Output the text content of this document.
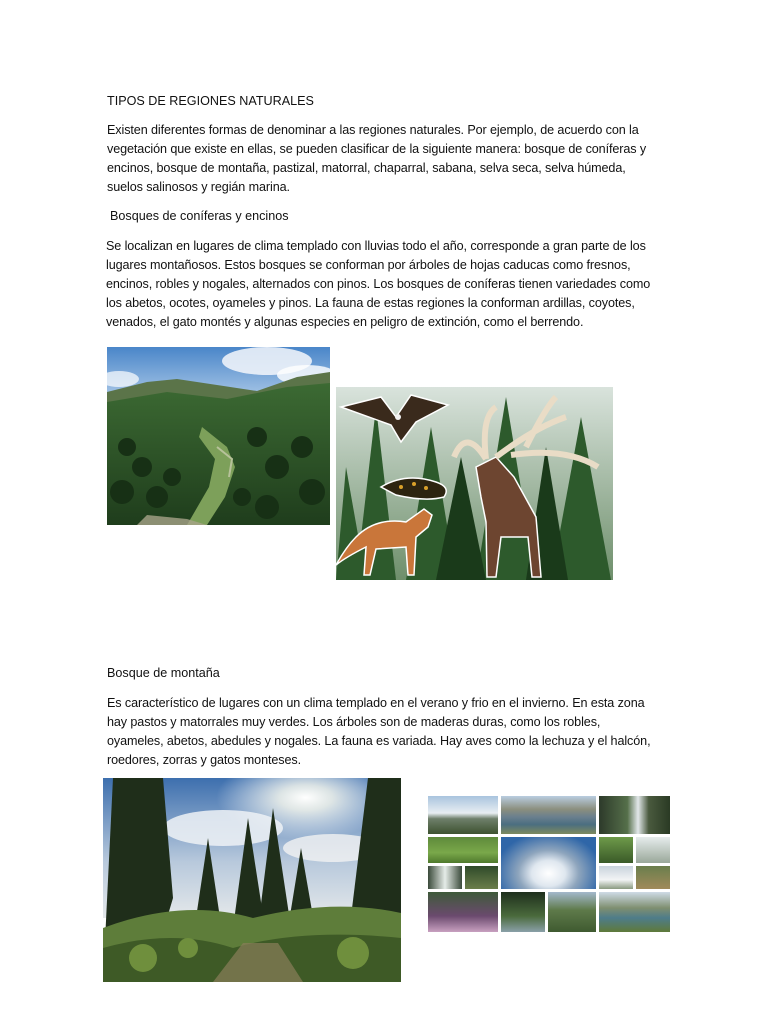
TIPOS DE REGIONES NATURALES
Existen diferentes formas de denominar a las regiones naturales. Por ejemplo, de acuerdo con la vegetación que existe en ellas, se pueden clasificar de la siguiente manera: bosque de coníferas y encinos, bosque de montaña, pastizal, matorral, chaparral, sabana, selva seca, selva húmeda, suelos salinosos y regián marina.
Bosques de coníferas y encinos
Se localizan en lugares de clima templado con lluvias todo el año, corresponde a gran parte de los lugares montañosos. Estos bosques se conforman por árboles de hojas caducas como fresnos, encinos, robles y nogales, alternados con pinos. Los bosques de coníferas tienen variedades como los abetos, ocotes, oyameles y pinos. La fauna de estas regiones la conforman ardillas, coyotes, venados, el gato montés y algunas especies en peligro de extinción, como el berrendo.
Bosque de montaña
Es característico de lugares con un clima templado en el verano y frio en el invierno. En esta zona hay pastos y matorrales muy verdes. Los árboles son de maderas duras, como los robles, oyameles, abetos, abedules y nogales. La fauna es variada. Hay aves como la lechuza y el halcón, roedores, zorras y gatos monteses.
